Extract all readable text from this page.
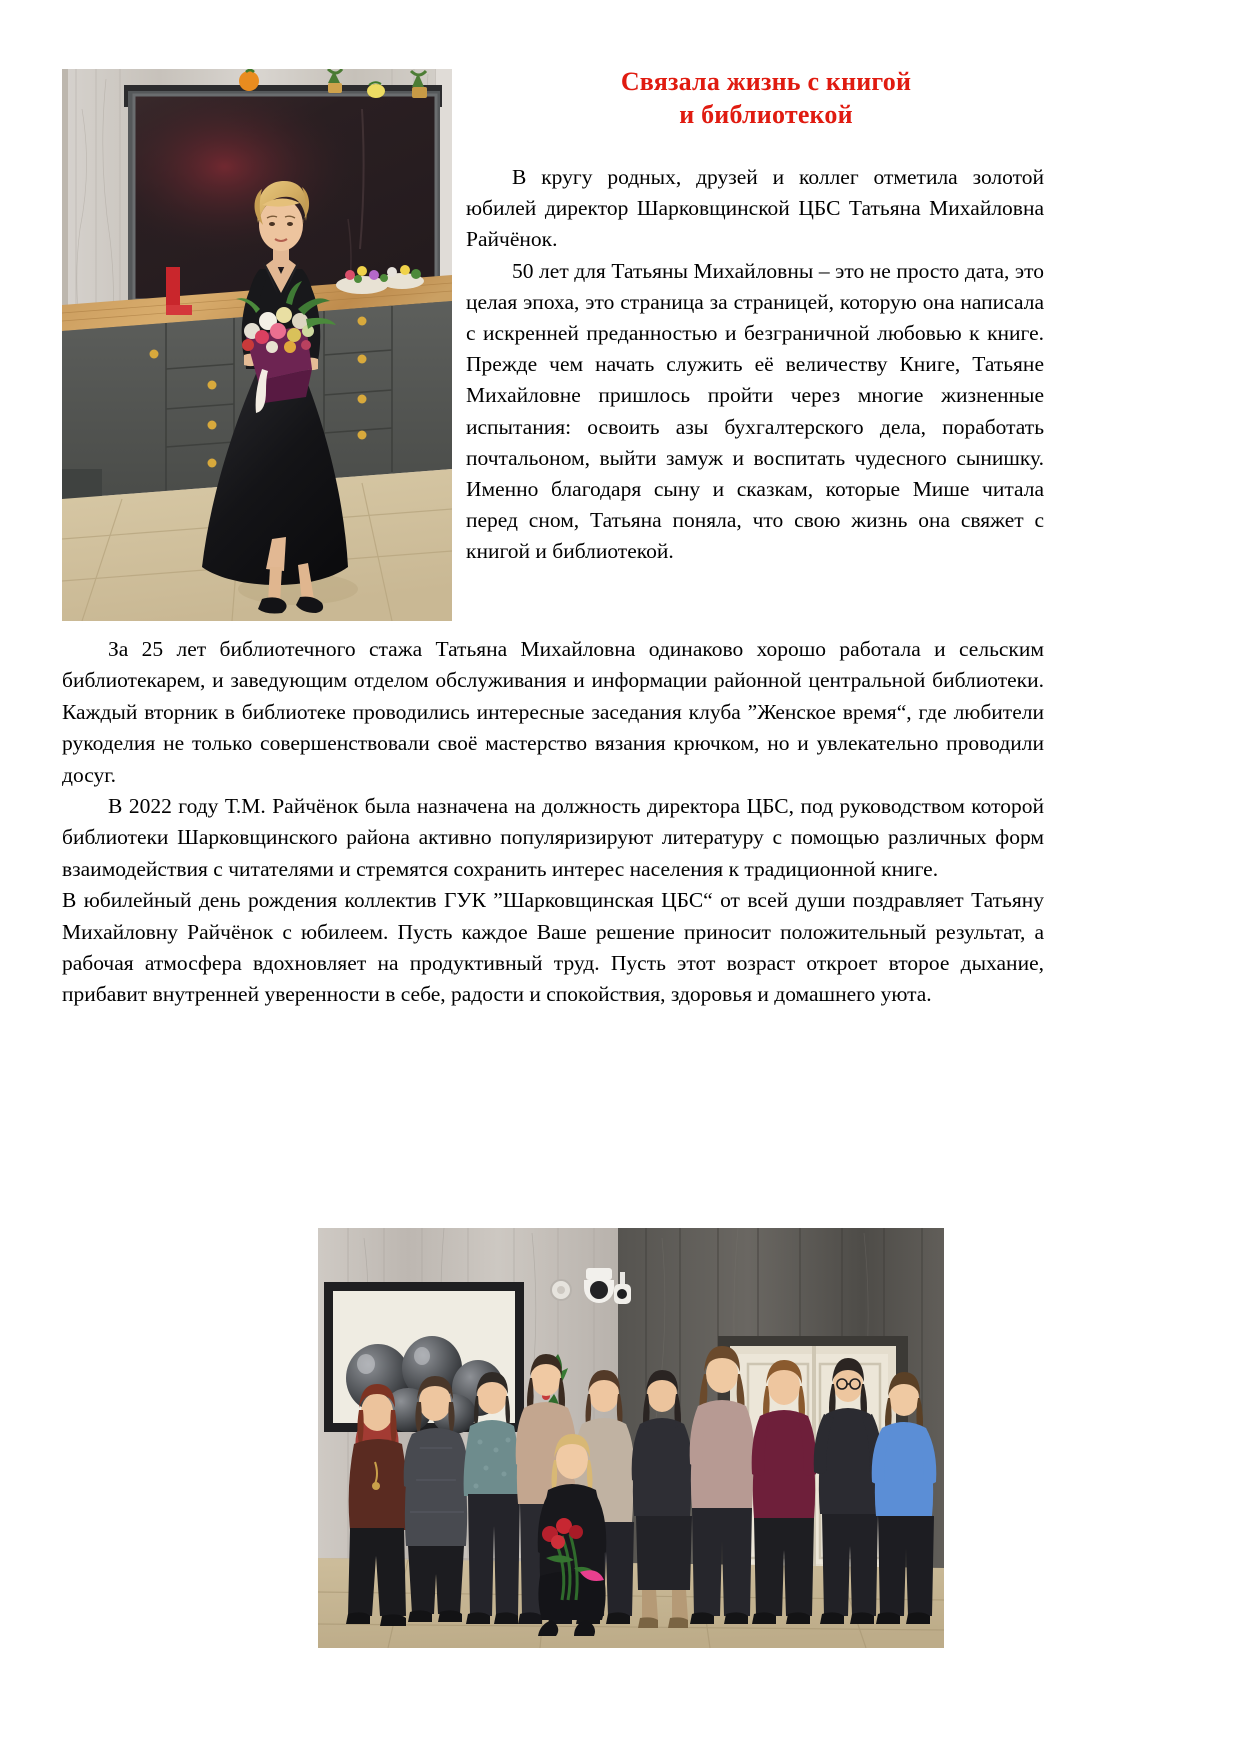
Связала жизнь с книгой
и библиотекой

В кругу родных, друзей и коллег отметила золотой юбилей директор Шарковщинской ЦБС Татьяна Михайловна Райчёнок.

50 лет для Татьяны Михайловны – это не просто дата, это целая эпоха, это страница за страницей, которую она написала с искренней преданностью и безграничной любовью к книге. Прежде чем начать служить её величеству Книге, Татьяне Михайловне пришлось пройти через многие жизненные испытания: освоить азы бухгалтерского дела, поработать почтальоном, выйти замуж и воспитать чудесного сынишку. Именно благодаря сыну и сказкам, которые Мише читала перед сном, Татьяна поняла, что свою жизнь она свяжет с книгой и библиотекой.

За 25 лет библиотечного стажа Татьяна Михайловна одинаково хорошо работала и сельским библиотекарем, и заведующим отделом обслуживания и информации районной центральной библиотеки. Каждый вторник в библиотеке проводились интересные заседания клуба ”Женское время“, где любители рукоделия не только совершенствовали своё мастерство вязания крючком, но и увлекательно проводили досуг.

В 2022 году Т.М. Райчёнок была назначена на должность директора ЦБС, под руководством которой библиотеки Шарковщинского района активно популяризируют литературу с помощью различных форм взаимодействия с читателями и стремятся сохранить интерес населения к традиционной книге.

В юбилейный день рождения коллектив ГУК ”Шарковщинская ЦБС“ от всей души поздравляет Татьяну Михайловну Райчёнок с юбилеем. Пусть каждое Ваше решение приносит положительный результат, а рабочая атмосфера вдохновляет на продуктивный труд. Пусть этот возраст откроет второе дыхание, прибавит внутренней уверенности в себе, радости и спокойствия, здоровья и домашнего уюта.
